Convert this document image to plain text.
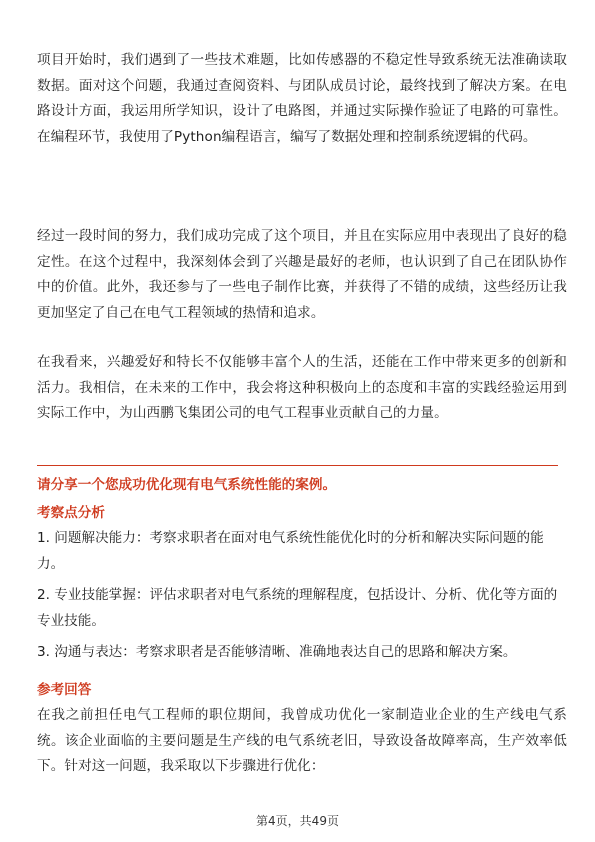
项目开始时，我们遇到了一些技术难题，比如传感器的不稳定性导致系统无法准确读取数据。面对这个问题，我通过查阅资料、与团队成员讨论，最终找到了解决方案。在电路设计方面，我运用所学知识，设计了电路图，并通过实际操作验证了电路的可靠性。在编程环节，我使用了Python编程语言，编写了数据处理和控制系统逻辑的代码。

经过一段时间的努力，我们成功完成了这个项目，并且在实际应用中表现出了良好的稳定性。在这个过程中，我深刻体会到了兴趣是最好的老师，也认识到了自己在团队协作中的价值。此外，我还参与了一些电子制作比赛，并获得了不错的成绩，这些经历让我更加坚定了自己在电气工程领域的热情和追求。

在我看来，兴趣爱好和特长不仅能够丰富个人的生活，还能在工作中带来更多的创新和活力。我相信，在未来的工作中，我会将这种积极向上的态度和丰富的实践经验运用到实际工作中，为山西鹏飞集团公司的电气工程事业贡献自己的力量。

请分享一个您成功优化现有电气系统性能的案例。
考察点分析
1. 问题解决能力：考察求职者在面对电气系统性能优化时的分析和解决实际问题的能力。
2. 专业技能掌握：评估求职者对电气系统的理解程度，包括设计、分析、优化等方面的专业技能。
3. 沟通与表达：考察求职者是否能够清晰、准确地表达自己的思路和解决方案。
参考回答

在我之前担任电气工程师的职位期间，我曾成功优化一家制造业企业的生产线电气系统。该企业面临的主要问题是生产线的电气系统老旧，导致设备故障率高，生产效率低下。针对这一问题，我采取以下步骤进行优化：

第4页，共49页
